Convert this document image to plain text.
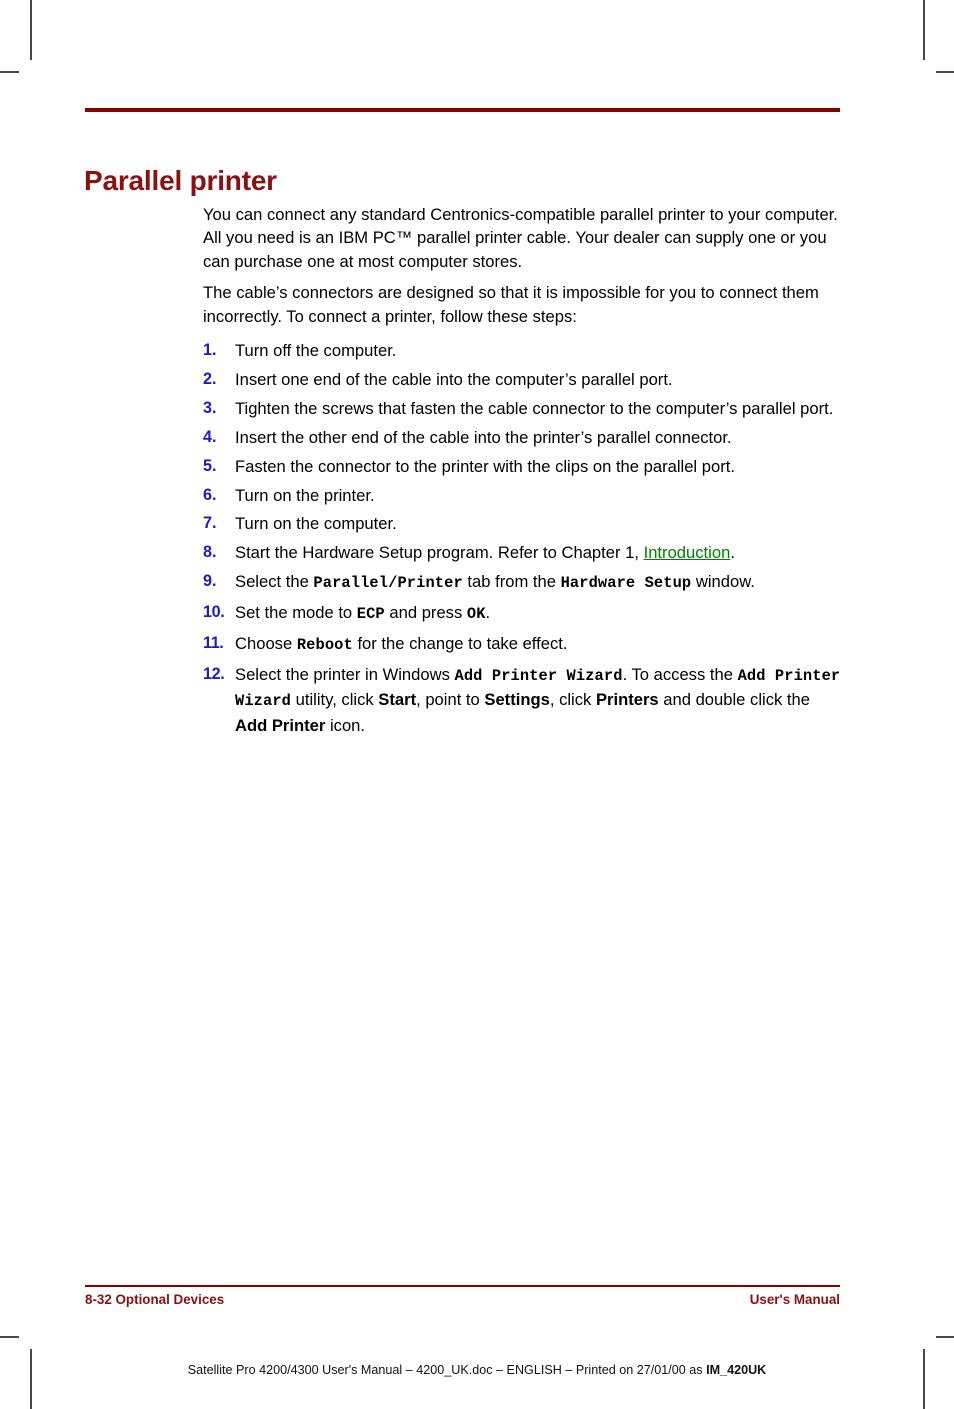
Parallel printer

You can connect any standard Centronics-compatible parallel printer to your computer. All you need is an IBM PC™ parallel printer cable. Your dealer can supply one or you can purchase one at most computer stores.

The cable’s connectors are designed so that it is impossible for you to connect them incorrectly. To connect a printer, follow these steps:

1.	Turn off the computer.
2.	Insert one end of the cable into the computer’s parallel port.
3.	Tighten the screws that fasten the cable connector to the computer’s parallel port.
4.	Insert the other end of the cable into the printer’s parallel connector.
5.	Fasten the connector to the printer with the clips on the parallel port.
6.	Turn on the printer.
7.	Turn on the computer.
8.	Start the Hardware Setup program. Refer to Chapter 1, Introduction.
9.	Select the Parallel/Printer tab from the Hardware Setup window.
10. Set the mode to ECP and press OK.
11. Choose Reboot for the change to take effect.
12. Select the printer in Windows Add Printer Wizard. To access the Add Printer Wizard utility, click Start, point to Settings, click Printers and double click the Add Printer icon.
8-32 Optional Devices	User's Manual
Satellite Pro 4200/4300 User's Manual – 4200_UK.doc – ENGLISH – Printed on 27/01/00 as IM_420UK
